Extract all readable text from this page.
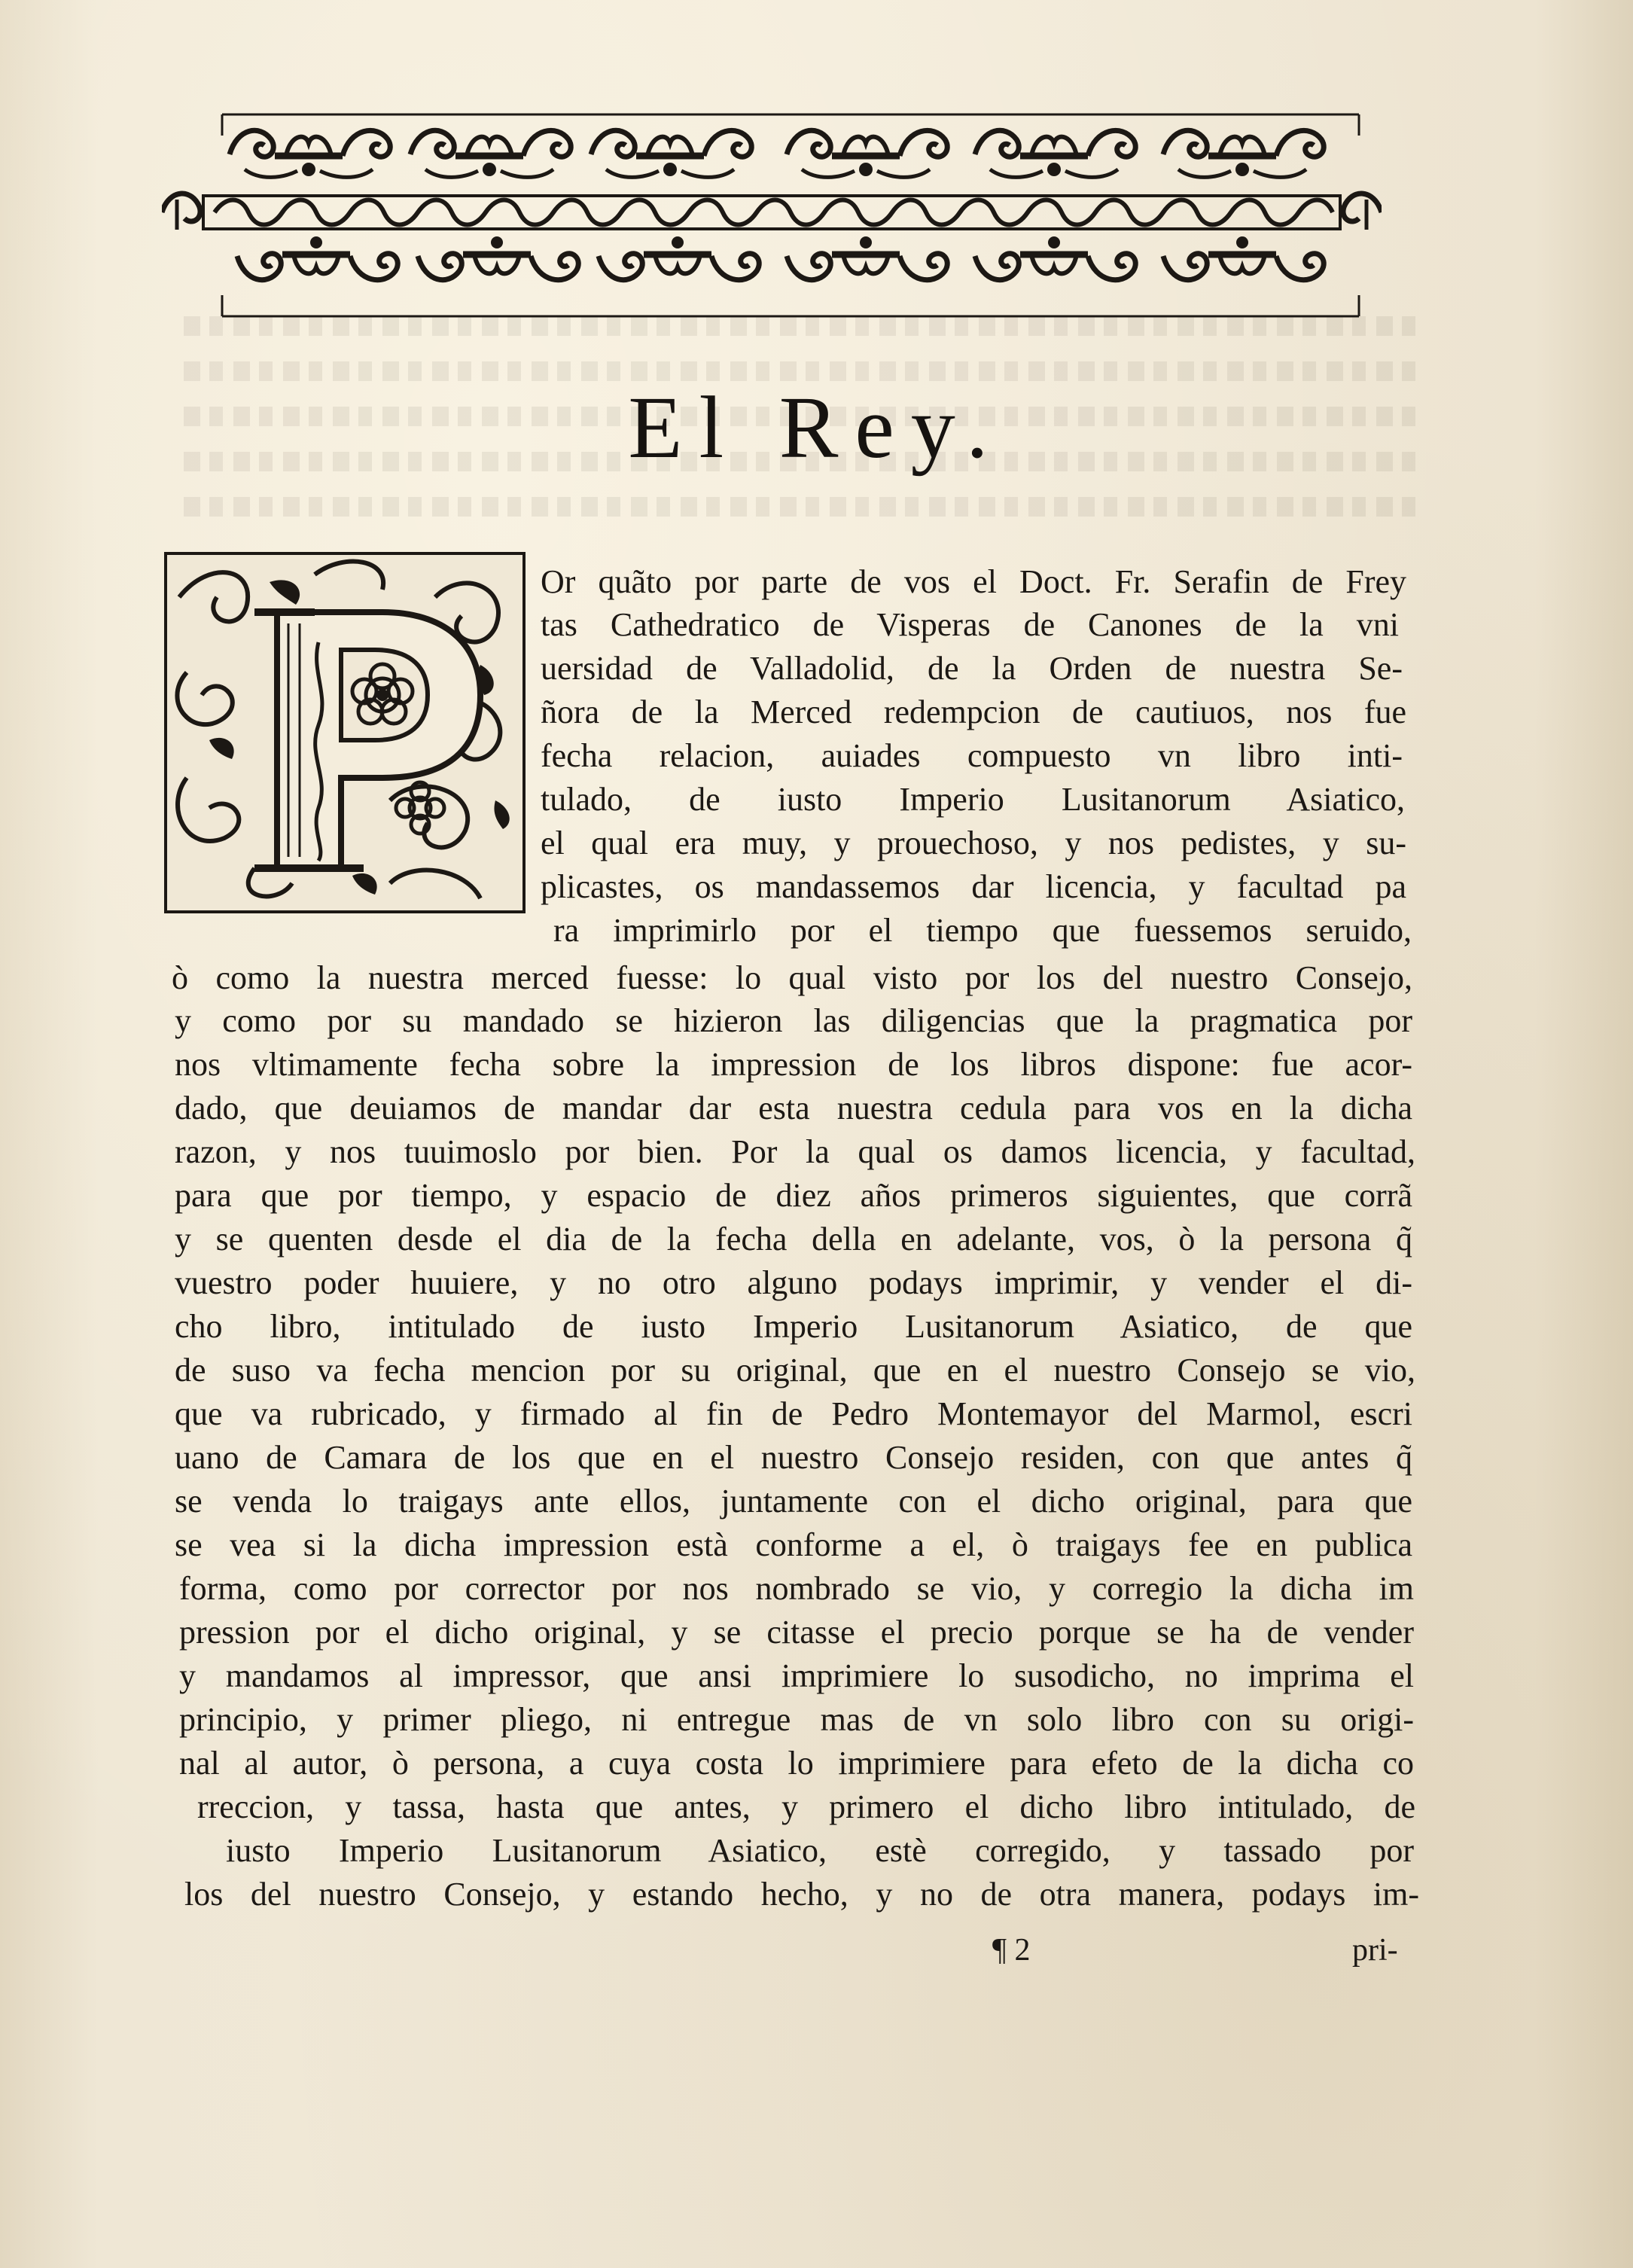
El Rey.
Or quãto por parte de vos el Doct. Fr. Serafin de Frey
tas Cathedratico de Visperas de Canones de la vni
uersidad de Valladolid, de la Orden de nuestra Se-
ñora de la Merced redempcion de cautiuos, nos fue
fecha relacion, auiades compuesto vn libro inti-
tulado, de iusto Imperio Lusitanorum Asiatico,
el qual era muy, y prouechoso, y nos pedistes, y su-
plicastes, os mandassemos dar licencia, y facultad pa
ra imprimirlo por el tiempo que fuessemos seruido,
ò como la nuestra merced fuesse: lo qual visto por los del nuestro Consejo,
y como por su mandado se hizieron las diligencias que la pragmatica por
nos vltimamente fecha sobre la impression de los libros dispone: fue acor-
dado, que deuiamos de mandar dar esta nuestra cedula para vos en la dicha
razon, y nos tuuimoslo por bien. Por la qual os damos licencia, y facultad,
para que por tiempo, y espacio de diez años primeros siguientes, que corrã
y se quenten desde el dia de la fecha della en adelante, vos, ò la persona q̃
vuestro poder huuiere, y no otro alguno podays imprimir, y vender el di-
cho libro, intitulado de iusto Imperio Lusitanorum Asiatico, de que
de suso va fecha mencion por su original, que en el nuestro Consejo se vio,
que va rubricado, y firmado al fin de Pedro Montemayor del Marmol, escri
uano de Camara de los que en el nuestro Consejo residen, con que antes q̃
se venda lo traigays ante ellos, juntamente con el dicho original, para que
se vea si la dicha impression està conforme a el, ò traigays fee en publica
forma, como por corrector por nos nombrado se vio, y corregio la dicha im
pression por el dicho original, y se citasse el precio porque se ha de vender
y mandamos al impressor, que ansi imprimiere lo susodicho, no imprima el
principio, y primer pliego, ni entregue mas de vn solo libro con su origi-
nal al autor, ò persona, a cuya costa lo imprimiere para efeto de la dicha co
rreccion, y tassa, hasta que antes, y primero el dicho libro intitulado, de
iusto Imperio Lusitanorum Asiatico, estè corregido, y tassado por
los del nuestro Consejo, y estando hecho, y no de otra manera, podays im-
¶ 2	pri-
